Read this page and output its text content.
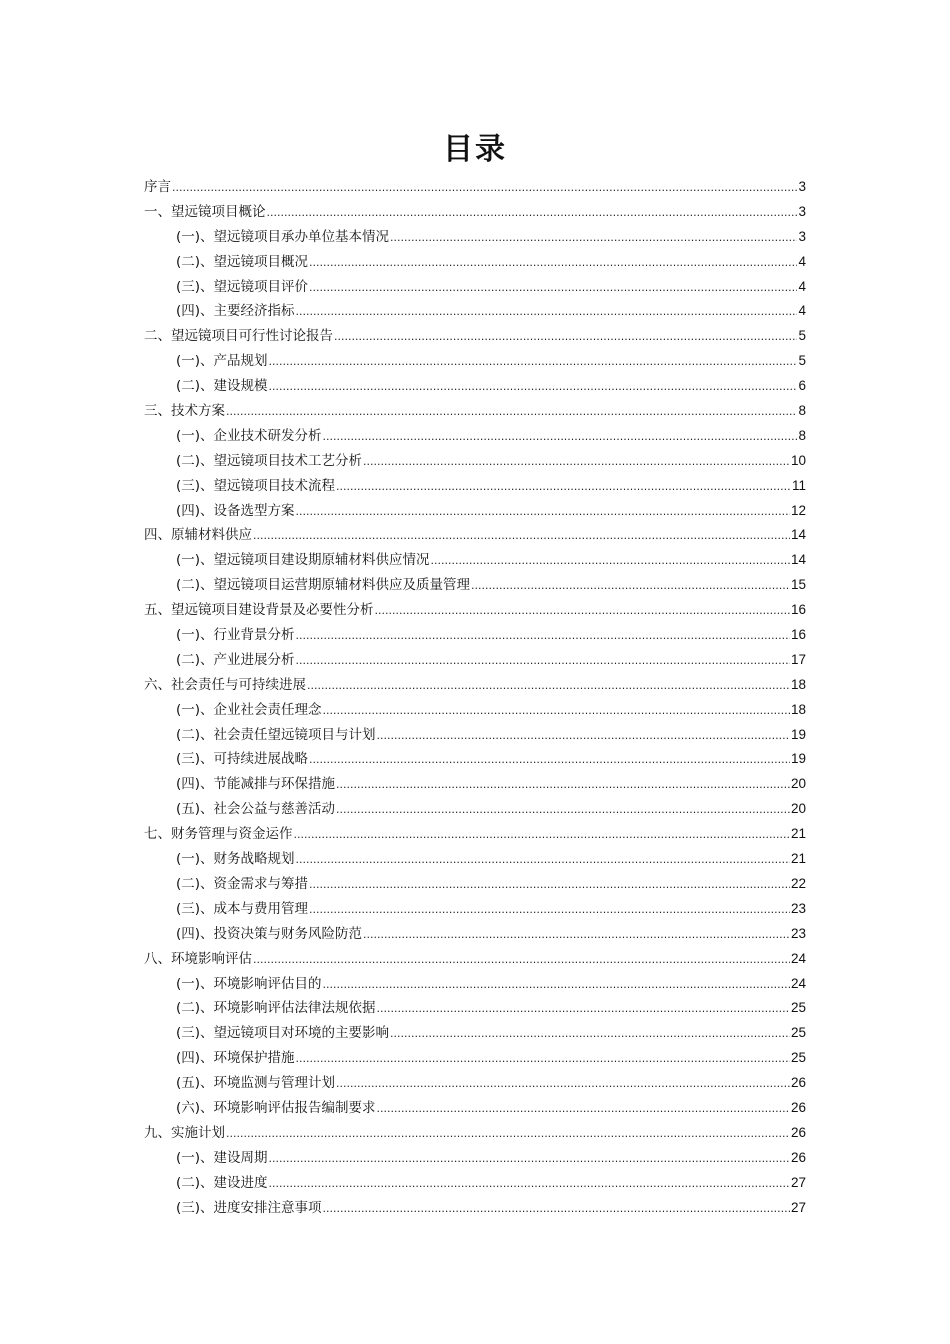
目录
序言 .....	3
一、望远镜项目概论 .....	3
(一)、望远镜项目承办单位基本情况 .....	3
(二)、望远镜项目概况 .....	4
(三)、望远镜项目评价 .....	4
(四)、主要经济指标 .....	4
二、望远镜项目可行性讨论报告 .....	5
(一)、产品规划 .....	5
(二)、建设规模 .....	6
三、技术方案 .....	8
(一)、企业技术研发分析 .....	8
(二)、望远镜项目技术工艺分析 .....	10
(三)、望远镜项目技术流程 .....	11
(四)、设备选型方案 .....	12
四、原辅材料供应 .....	14
(一)、望远镜项目建设期原辅材料供应情况 .....	14
(二)、望远镜项目运营期原辅材料供应及质量管理 .....	15
五、望远镜项目建设背景及必要性分析 .....	16
(一)、行业背景分析 .....	16
(二)、产业进展分析 .....	17
六、社会责任与可持续进展 .....	18
(一)、企业社会责任理念 .....	18
(二)、社会责任望远镜项目与计划 .....	19
(三)、可持续进展战略 .....	19
(四)、节能减排与环保措施 .....	20
(五)、社会公益与慈善活动 .....	20
七、财务管理与资金运作 .....	21
(一)、财务战略规划 .....	21
(二)、资金需求与筹措 .....	22
(三)、成本与费用管理 .....	23
(四)、投资决策与财务风险防范 .....	23
八、环境影响评估 .....	24
(一)、环境影响评估目的 .....	24
(二)、环境影响评估法律法规依据 .....	25
(三)、望远镜项目对环境的主要影响 .....	25
(四)、环境保护措施 .....	25
(五)、环境监测与管理计划 .....	26
(六)、环境影响评估报告编制要求 .....	26
九、实施计划 .....	26
(一)、建设周期 .....	26
(二)、建设进度 .....	27
(三)、进度安排注意事项 .....	27
